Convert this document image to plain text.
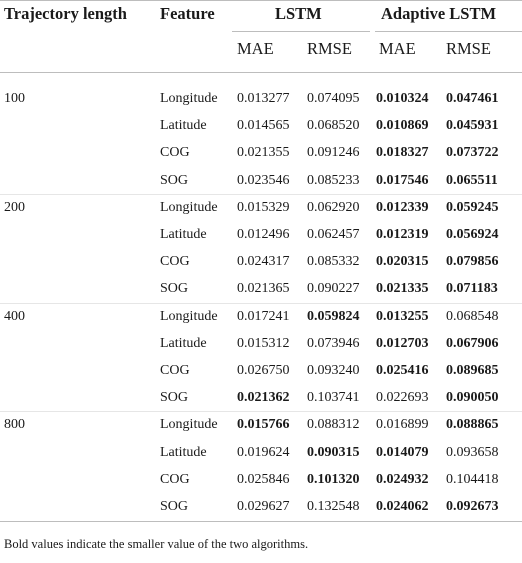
Trajectory length Feature	LSTM	Adaptive LSTM
MAE RMSE MAE RMSE
100	Longitude 0.013277 0.074095 0.010324 0.047461
Latitude 0.014565 0.068520 0.010869 0.045931
COG	0.021355 0.091246 0.018327 0.073722
SOG	0.023546 0.085233 0.017546 0.065511
200	Longitude 0.015329 0.062920 0.012339 0.059245
Latitude 0.012496 0.062457 0.012319 0.056924
COG	0.024317 0.085332 0.020315 0.079856
SOG	0.021365 0.090227 0.021335 0.071183
400	Longitude 0.017241 0.059824 0.013255 0.068548
Latitude 0.015312 0.073946 0.012703 0.067906
COG	0.026750 0.093240 0.025416 0.089685
SOG	0.021362 0.103741 0.022693 0.090050
800	Longitude 0.015766 0.088312 0.016899 0.088865
Latitude 0.019624 0.090315 0.014079 0.093658
COG	0.025846 0.101320 0.024932 0.104418
SOG	0.029627 0.132548 0.024062 0.092673
Bold values indicate the smaller value of the two algorithms.
